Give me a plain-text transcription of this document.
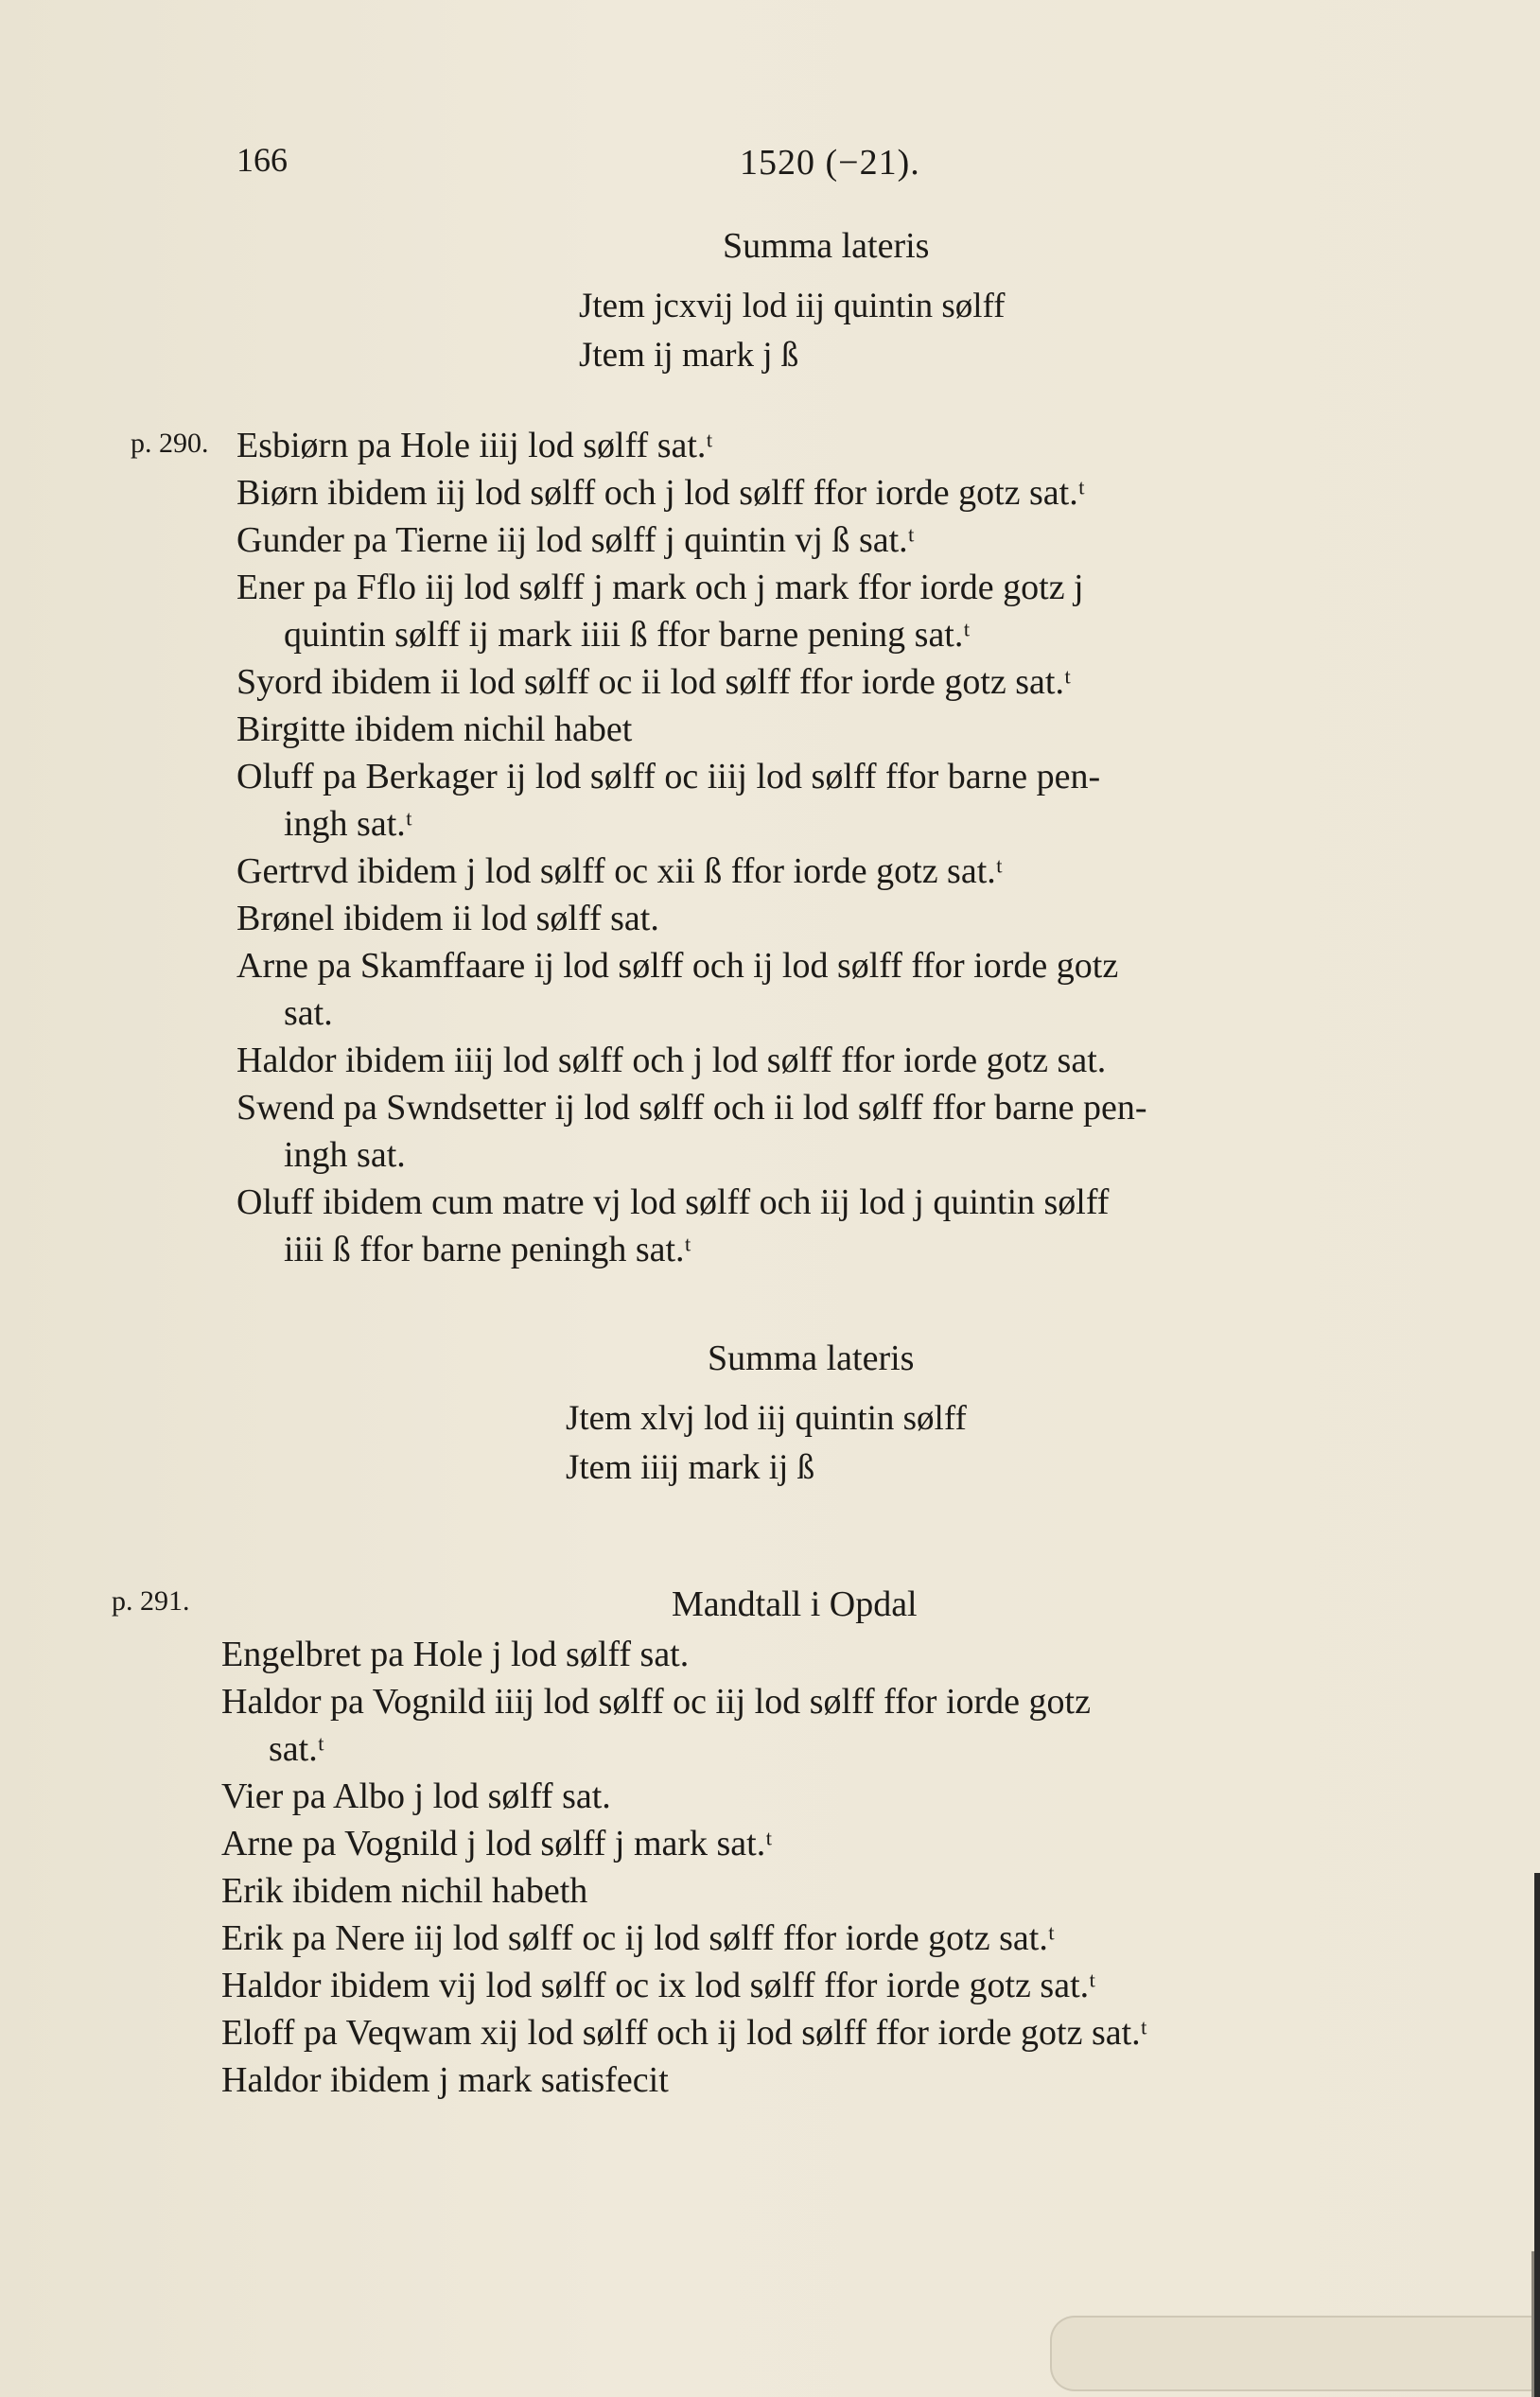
166	1520 (−21).
Summa lateris
Jtem jcxvij lod iij quintin sølff
Jtem ij mark j ß
p. 290. Esbiørn pa Hole iiij lod sølff sat.ᵗ
Biørn ibidem iij lod sølff och j lod sølff ffor iorde gotz sat.ᵗ
Gunder pa Tierne iij lod sølff j quintin vj ß sat.ᵗ
Ener pa Fflo iij lod sølff j mark och j mark ffor iorde gotz j
quintin sølff ij mark iiii ß ffor barne pening sat.ᵗ
Syord ibidem ii lod sølff oc ii lod sølff ffor iorde gotz sat.ᵗ
Birgitte ibidem nichil habet
Oluff pa Berkager ij lod sølff oc iiij lod sølff ffor barne pen-
ingh sat.ᵗ
Gertrvd ibidem j lod sølff oc xii ß ffor iorde gotz sat.ᵗ
Brønel ibidem ii lod sølff sat.
Arne pa Skamffaare ij lod sølff och ij lod sølff ffor iorde gotz
sat.
Haldor ibidem iiij lod sølff och j lod sølff ffor iorde gotz sat.
Swend pa Swndsetter ij lod sølff och ii lod sølff ffor barne pen-
ingh sat.
Oluff ibidem cum matre vj lod sølff och iij lod j quintin sølff
iiii ß ffor barne peningh sat.ᵗ
Summa lateris
Jtem xlvj lod iij quintin sølff
Jtem iiij mark ij ß
p. 291.	Mandtall i Opdal
Engelbret pa Hole j lod sølff sat.
Haldor pa Vognild iiij lod sølff oc iij lod sølff ffor iorde gotz
sat.ᵗ
Vier pa Albo j lod sølff sat.
Arne pa Vognild j lod sølff j mark sat.ᵗ
Erik ibidem nichil habeth
Erik pa Nere iij lod sølff oc ij lod sølff ffor iorde gotz sat.ᵗ
Haldor ibidem vij lod sølff oc ix lod sølff ffor iorde gotz sat.ᵗ
Eloff pa Veqwam xij lod sølff och ij lod sølff ffor iorde gotz sat.ᵗ
Haldor ibidem j mark satisfecit
